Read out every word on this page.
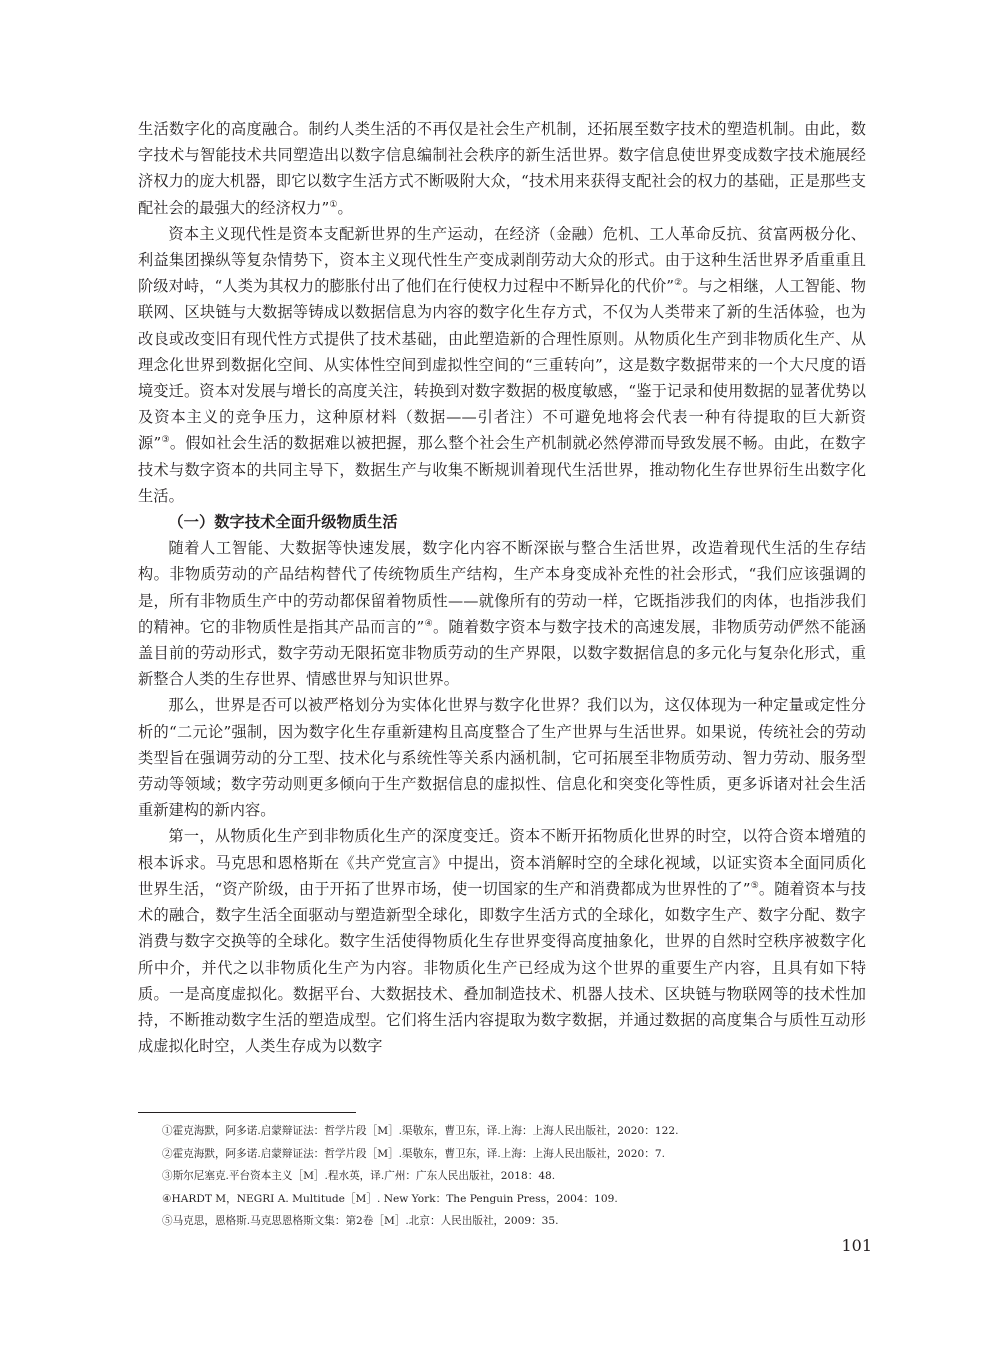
生活数字化的高度融合。制约人类生活的不再仅是社会生产机制，还拓展至数字技术的塑造机制。由此，数字技术与智能技术共同塑造出以数字信息编制社会秩序的新生活世界。数字信息使世界变成数字技术施展经济权力的庞大机器，即它以数字生活方式不断吸附大众，“技术用来获得支配社会的权力的基础，正是那些支配社会的最强大的经济权力”①。

资本主义现代性是资本支配新世界的生产运动，在经济（金融）危机、工人革命反抗、贫富两极分化、利益集团操纵等复杂情势下，资本主义现代性生产变成剥削劳动大众的形式。由于这种生活世界矛盾重重且阶级对峙，“人类为其权力的膨胀付出了他们在行使权力过程中不断异化的代价”②。与之相继，人工智能、物联网、区块链与大数据等铸成以数据信息为内容的数字化生存方式，不仅为人类带来了新的生活体验，也为改良或改变旧有现代性方式提供了技术基础，由此塑造新的合理性原则。从物质化生产到非物质化生产、从理念化世界到数据化空间、从实体性空间到虚拟性空间的“三重转向”，这是数字数据带来的一个大尺度的语境变迁。资本对发展与增长的高度关注，转换到对数字数据的极度敏感，“鉴于记录和使用数据的显著优势以及资本主义的竞争压力，这种原材料（数据——引者注）不可避免地将会代表一种有待提取的巨大新资源”③。假如社会生活的数据难以被把握，那么整个社会生产机制就必然停滞而导致发展不畅。由此，在数字技术与数字资本的共同主导下，数据生产与收集不断规训着现代生活世界，推动物化生存世界衍生出数字化生活。

（一）数字技术全面升级物质生活

随着人工智能、大数据等快速发展，数字化内容不断深嵌与整合生活世界，改造着现代生活的生存结构。非物质劳动的产品结构替代了传统物质生产结构，生产本身变成补充性的社会形式，“我们应该强调的是，所有非物质生产中的劳动都保留着物质性——就像所有的劳动一样，它既指涉我们的肉体，也指涉我们的精神。它的非物质性是指其产品而言的”④。随着数字资本与数字技术的高速发展，非物质劳动俨然不能涵盖目前的劳动形式，数字劳动无限拓宽非物质劳动的生产界限，以数字数据信息的多元化与复杂化形式，重新整合人类的生存世界、情感世界与知识世界。

那么，世界是否可以被严格划分为实体化世界与数字化世界？我们以为，这仅体现为一种定量或定性分析的“二元论”强制，因为数字化生存重新建构且高度整合了生产世界与生活世界。如果说，传统社会的劳动类型旨在强调劳动的分工型、技术化与系统性等关系内涵机制，它可拓展至非物质劳动、智力劳动、服务型劳动等领域；数字劳动则更多倾向于生产数据信息的虚拟性、信息化和突变化等性质，更多诉诸对社会生活重新建构的新内容。

第一，从物质化生产到非物质化生产的深度变迁。资本不断开拓物质化世界的时空，以符合资本增殖的根本诉求。马克思和恩格斯在《共产党宣言》中提出，资本消解时空的全球化视域，以证实资本全面同质化世界生活，“资产阶级，由于开拓了世界市场，使一切国家的生产和消费都成为世界性的了”⑤。随着资本与技术的融合，数字生活全面驱动与塑造新型全球化，即数字生活方式的全球化，如数字生产、数字分配、数字消费与数字交换等的全球化。数字生活使得物质化生存世界变得高度抽象化，世界的自然时空秩序被数字化所中介，并代之以非物质化生产为内容。非物质化生产已经成为这个世界的重要生产内容，且具有如下特质。一是高度虚拟化。数据平台、大数据技术、叠加制造技术、机器人技术、区块链与物联网等的技术性加持，不断推动数字生活的塑造成型。它们将生活内容提取为数字数据，并通过数据的高度集合与质性互动形成虚拟化时空，人类生存成为以数字

①霍克海默，阿多诺.启蒙辩证法：哲学片段［M］.渠敬东，曹卫东，译.上海：上海人民出版社，2020：122.
②霍克海默，阿多诺.启蒙辩证法：哲学片段［M］.渠敬东，曹卫东，译.上海：上海人民出版社，2020：7.
③斯尔尼塞克.平台资本主义［M］.程水英，译.广州：广东人民出版社，2018：48.
④HARDT M，NEGRI A. Multitude［M］. New York：The Penguin Press，2004：109.
⑤马克思，恩格斯.马克思恩格斯文集：第2卷［M］.北京：人民出版社，2009：35.
101
